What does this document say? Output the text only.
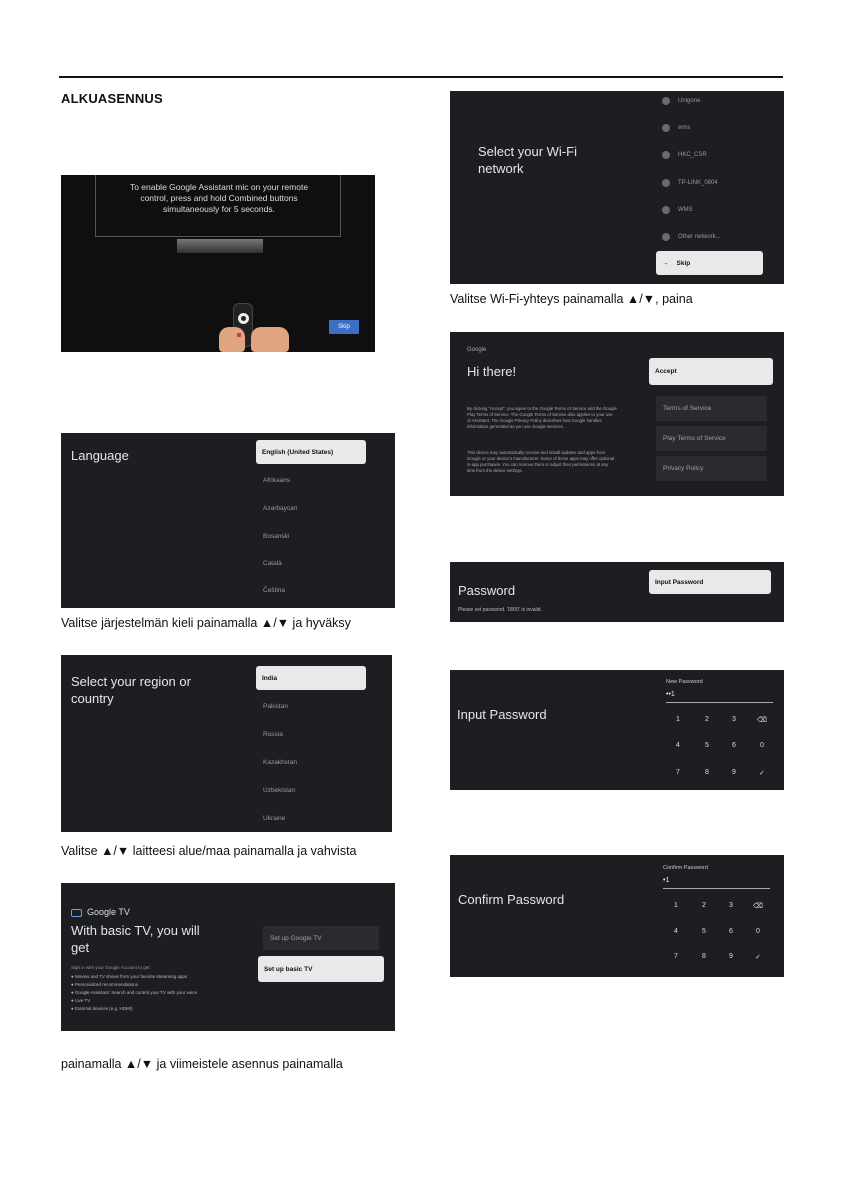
ALKUASENNUS
To enable Google Assistant mic on your remote control, press and hold Combined buttons simultaneously for 5 seconds.
Skip
Language	English (United States)
Afrikaans
Azərbaycan
Bosanski
Català
Čeština
Valitse järjestelmän kieli painamalla ▲/▼ ja hyväksy
Select your region or country
India
Pakistan
Russia
Kazakhstan
Uzbekistan
Ukraine
Valitse ▲/▼ laitteesi alue/maa painamalla ja vahvista
Google TV
With basic TV, you will get
Sign in with your Google Account to get:
● Movies and TV shows from your favorite streaming apps
● Personalized recommendations
● Google Assistant: Search and control your TV with your voice
● Live TV
● External devices (e.g. HDMI)
Set up Google TV
Set up basic TV
painamalla ▲/▼ ja viimeistele asennus painamalla
Select your Wi-Fi network
Unigone
wms
HKC_CSR
TP-LINK_0804
WMS
Other network...
→ Skip
Valitse Wi-Fi-yhteys painamalla ▲/▼, paina
Google
Hi there!
By clicking "Accept", you agree to the Google Terms of Service and the Google Play Terms of Service. The Google Terms of Service also applies to your use of Assistant. The Google Privacy Policy describes how Google handles information generated as you use Google services.
This device may automatically receive and install updates and apps from Google or your device's manufacturer. Some of these apps may offer optional in-app purchases. You can remove them or adjust their permissions at any time from the device settings.
Accept
Terms of Service
Play Terms of Service
Privacy Policy
Password
Please set password. '0000' is invalid.
Input Password
Input Password
New Password
••1
1	2	3	⌫
4	5	6	0
7	8	9	✓
Confirm Password
Confirm Password
•1
1	2	3	⌫
4	5	6	0
7	8	9	✓
